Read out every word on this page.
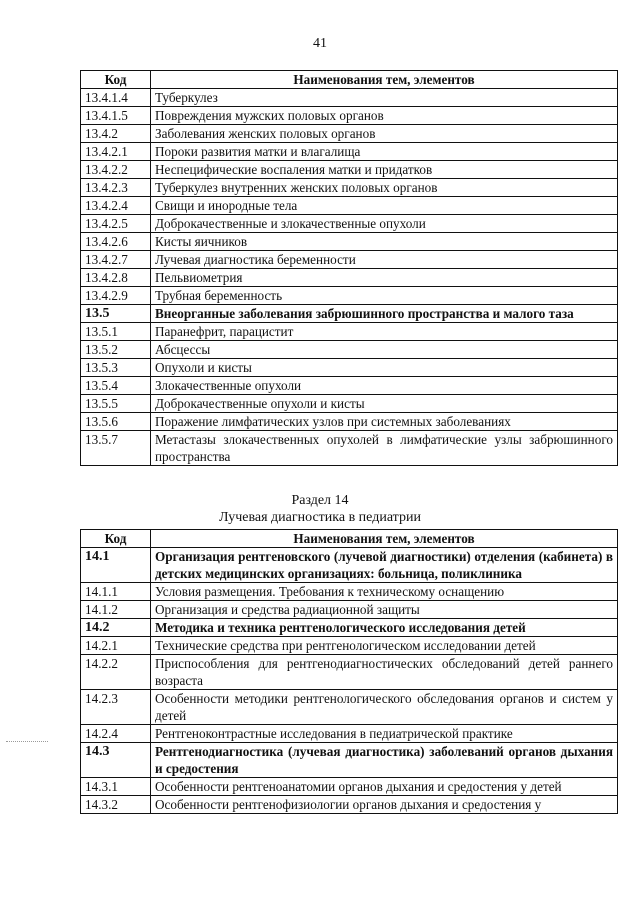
41
Код	Наименования тем, элементов
13.4.1.4	Туберкулез
13.4.1.5	Повреждения мужских половых органов
13.4.2	Заболевания женских половых органов
13.4.2.1	Пороки развития матки и влагалища
13.4.2.2	Неспецифические воспаления матки и придатков
13.4.2.3	Туберкулез внутренних женских половых органов
13.4.2.4	Свищи и инородные тела
13.4.2.5	Доброкачественные и злокачественные опухоли
13.4.2.6	Кисты яичников
13.4.2.7	Лучевая диагностика беременности
13.4.2.8	Пельвиометрия
13.4.2.9	Трубная беременность
13.5	Внеорганные заболевания забрюшинного пространства и малого таза
13.5.1	Паранефрит, парацистит
13.5.2	Абсцессы
13.5.3	Опухоли и кисты
13.5.4	Злокачественные опухоли
13.5.5	Доброкачественные опухоли и кисты
13.5.6	Поражение лимфатических узлов при системных заболеваниях
13.5.7	Метастазы злокачественных опухолей в лимфатические узлы забрюшинного пространства
Раздел 14
Лучевая диагностика в педиатрии
Код	Наименования тем, элементов
14.1	Организация рентгеновского (лучевой диагностики) отделения (кабинета) в детских медицинских организациях: больница, поликлиника
14.1.1	Условия размещения. Требования к техническому оснащению
14.1.2	Организация и средства радиационной защиты
14.2	Методика и техника рентгенологического исследования детей
14.2.1	Технические средства при рентгенологическом исследовании детей
14.2.2	Приспособления для рентгенодиагностических обследований детей раннего возраста
14.2.3	Особенности методики рентгенологического обследования органов и систем у детей
14.2.4	Рентгеноконтрастные исследования в педиатрической практике
14.3	Рентгенодиагностика (лучевая диагностика) заболеваний органов дыхания и средостения
14.3.1	Особенности рентгеноанатомии органов дыхания и средостения у детей
14.3.2	Особенности рентгенофизиологии органов дыхания и средостения у
